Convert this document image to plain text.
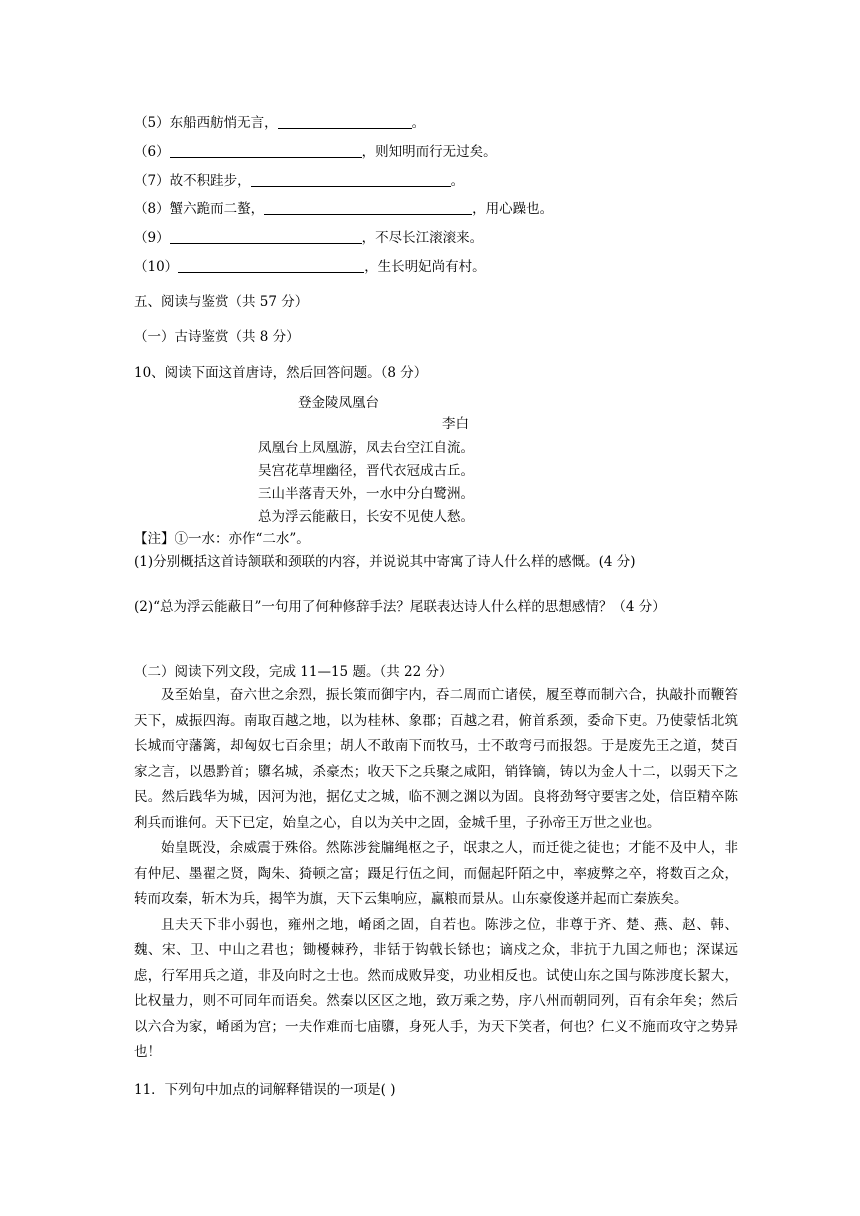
（5）东船西舫悄无言，	。
（6）	，则知明而行无过矣。
（7）故不积跬步，	。
（8）蟹六跪而二螯，	，用心躁也。
（9）	，不尽长江滚滚来。
（10）	，生长明妃尚有村。
五、阅读与鉴赏（共 57 分）
（一）古诗鉴赏（共 8 分）
10、阅读下面这首唐诗，然后回答问题。（8 分）
登金陵凤凰台
李白
凤凰台上凤凰游，凤去台空江自流。
吴宫花草埋幽径，晋代衣冠成古丘。
三山半落青天外，一水中分白鹭洲。
总为浮云能蔽日，长安不见使人愁。
【注】①一水：亦作“二水”。
(1)分别概括这首诗颔联和颈联的内容，并说说其中寄寓了诗人什么样的感慨。(4 分)
(2)“总为浮云能蔽日”一句用了何种修辞手法？尾联表达诗人什么样的思想感情？（4 分）
（二）阅读下列文段，完成 11—15 题。（共 22 分）

及至始皇，奋六世之余烈，振长策而御宇内，吞二周而亡诸侯，履至尊而制六合，执敲扑而鞭笞天下，威振四海。南取百越之地，以为桂林、象郡；百越之君，俯首系颈，委命下吏。乃使蒙恬北筑长城而守藩篱，却匈奴七百余里；胡人不敢南下而牧马，士不敢弯弓而报怨。于是废先王之道，焚百家之言，以愚黔首；隳名城，杀豪杰；收天下之兵聚之咸阳，销锋镝，铸以为金人十二，以弱天下之民。然后践华为城，因河为池，据亿丈之城，临不测之渊以为固。良将劲弩守要害之处，信臣精卒陈利兵而谁何。天下已定，始皇之心，自以为关中之固，金城千里，子孙帝王万世之业也。

始皇既没，余威震于殊俗。然陈涉瓮牖绳枢之子，氓隶之人，而迁徙之徒也；才能不及中人，非有仲尼、墨翟之贤，陶朱、猗顿之富；蹑足行伍之间，而倔起阡陌之中，率疲弊之卒，将数百之众，转而攻秦，斩木为兵，揭竿为旗，天下云集响应，赢粮而景从。山东豪俊遂并起而亡秦族矣。

且夫天下非小弱也，雍州之地，崤函之固，自若也。陈涉之位，非尊于齐、楚、燕、赵、韩、魏、宋、卫、中山之君也；锄櫌棘矜，非铦于钩戟长铩也；谪戍之众，非抗于九国之师也；深谋远虑，行军用兵之道，非及向时之士也。然而成败异变，功业相反也。试使山东之国与陈涉度长絜大，比权量力，则不可同年而语矣。然秦以区区之地，致万乘之势，序八州而朝同列，百有余年矣；然后以六合为家，崤函为宫；一夫作难而七庙隳，身死人手，为天下笑者，何也？仁义不施而攻守之势异也！

11．下列句中加点的词解释错误的一项是( )
